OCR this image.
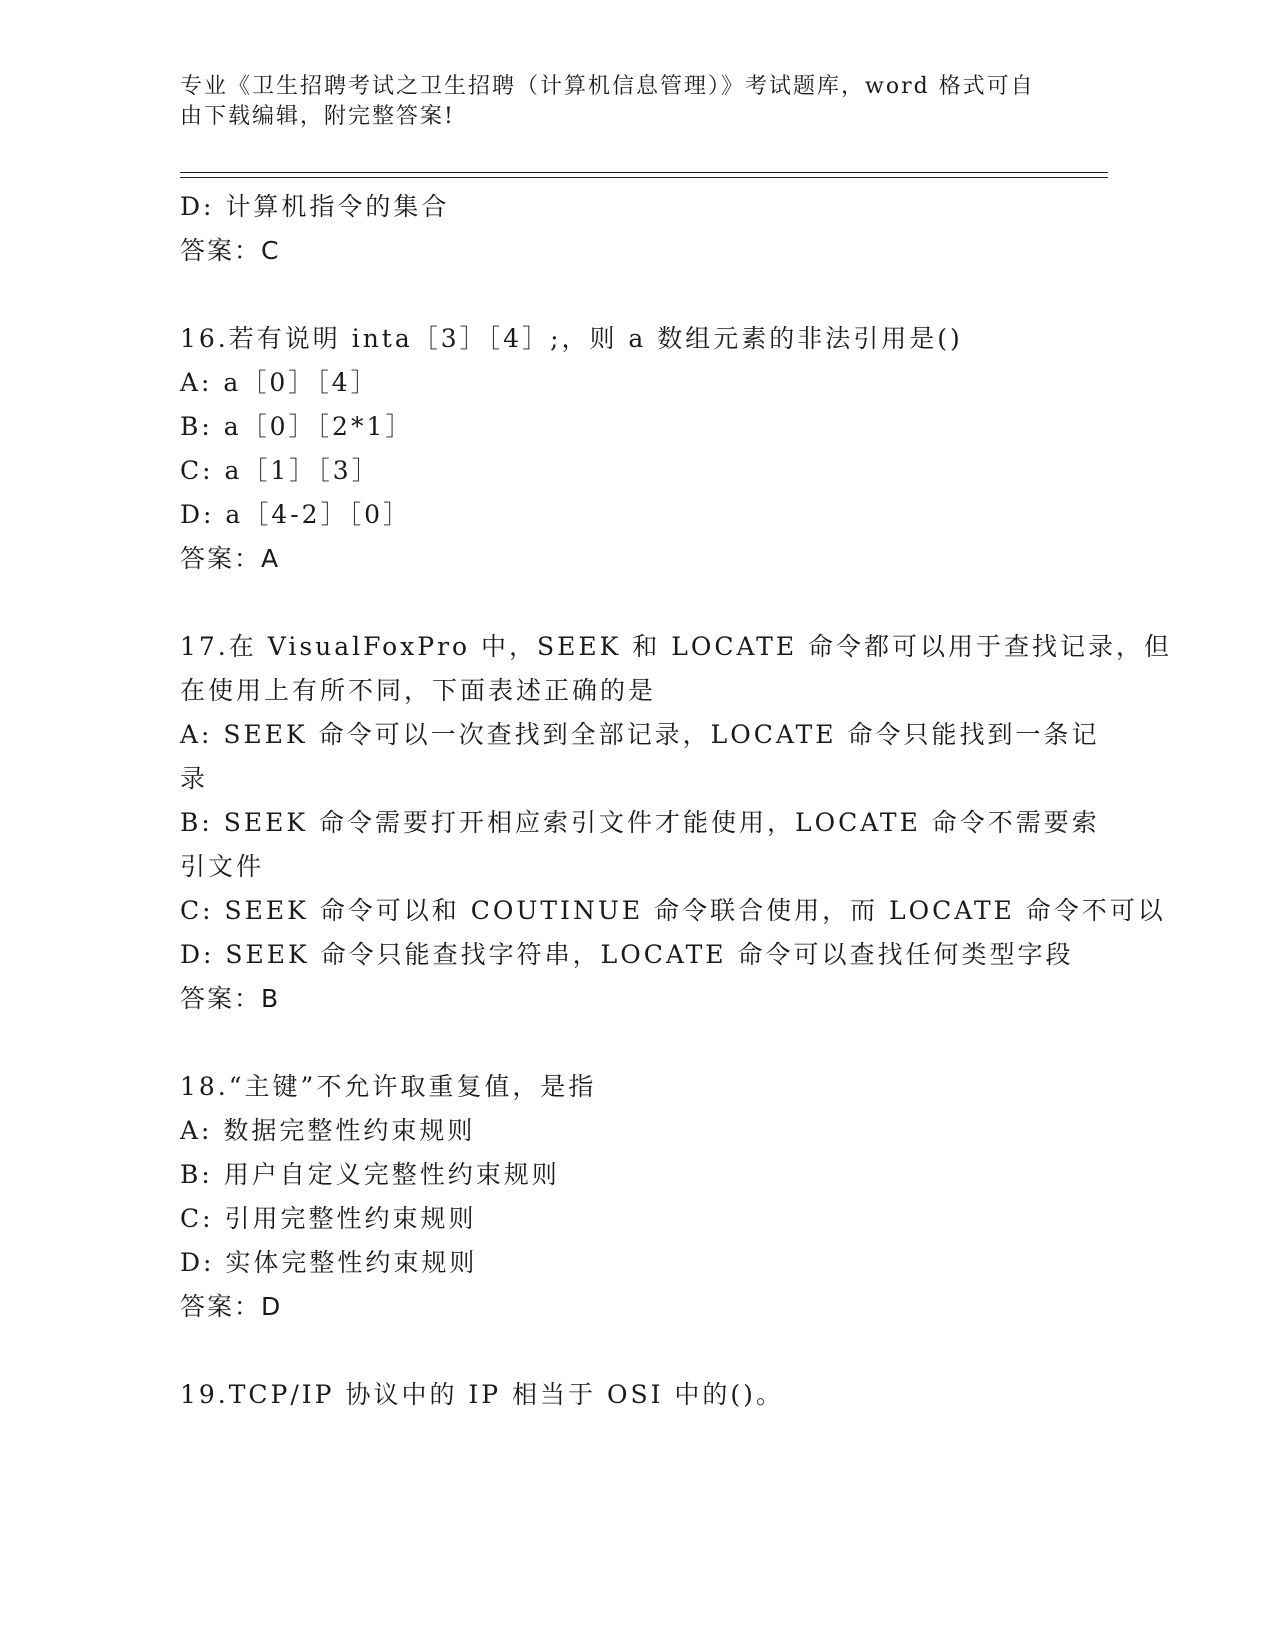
专业《卫生招聘考试之卫生招聘（计算机信息管理）》考试题库，word 格式可自
由下载编辑，附完整答案!
D: 计算机指令的集合
答案：C
16.若有说明 inta［3］［4］;，则 a 数组元素的非法引用是()
A: a［0］［4］
B: a［0］［2*1］
C: a［1］［3］
D: a［4-2］［0］
答案：A
17.在 VisualFoxPro 中，SEEK 和 LOCATE 命令都可以用于查找记录，但
在使用上有所不同，下面表述正确的是
A: SEEK 命令可以一次查找到全部记录，LOCATE 命令只能找到一条记
录
B: SEEK 命令需要打开相应索引文件才能使用，LOCATE 命令不需要索
引文件
C: SEEK 命令可以和 COUTINUE 命令联合使用，而 LOCATE 命令不可以
D: SEEK 命令只能查找字符串，LOCATE 命令可以查找任何类型字段
答案：B
18.“主键”不允许取重复值，是指
A: 数据完整性约束规则
B: 用户自定义完整性约束规则
C: 引用完整性约束规则
D: 实体完整性约束规则
答案：D
19.TCP/IP 协议中的 IP 相当于 OSI 中的()。
